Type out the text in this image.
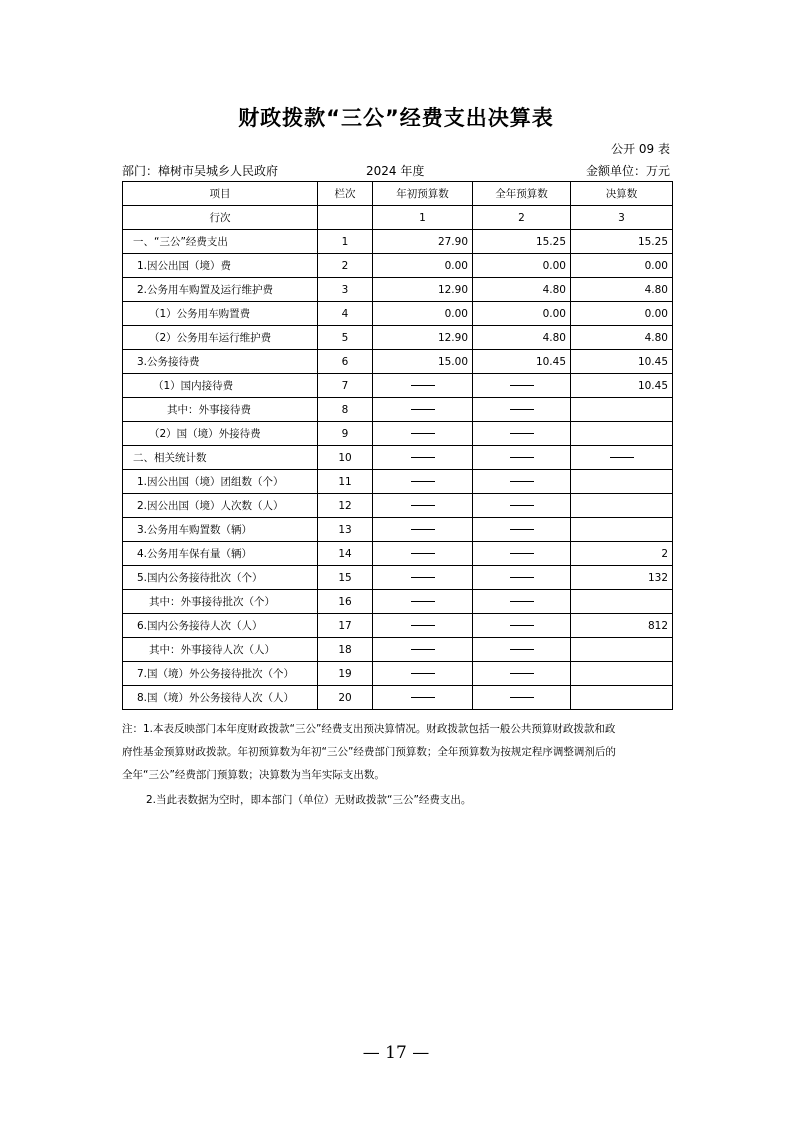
财政拨款“三公”经费支出决算表
公开 09 表
部门：樟树市吴城乡人民政府	2024 年度	金额单位：万元
项目	栏次	年初预算数	全年预算数	决算数
行次		1	2	3
一、“三公”经费支出	1	27.90	15.25	15.25
1.因公出国（境）费	2	0.00	0.00	0.00
2.公务用车购置及运行维护费	3	12.90	4.80	4.80
（1）公务用车购置费	4	0.00	0.00	0.00
（2）公务用车运行维护费	5	12.90	4.80	4.80
3.公务接待费	6	15.00	10.45	10.45
（1）国内接待费	7			10.45
其中：外事接待费	8	

（2）国（境）外接待费	9	

二、相关统计数	10	

1.因公出国（境）团组数（个）	11	

2.因公出国（境）人次数（人）	12	

3.公务用车购置数（辆）	13	

4.公务用车保有量（辆）	14			2
5.国内公务接待批次（个）	15			132
其中：外事接待批次（个）	16	

6.国内公务接待人次（人）	17			812
其中：外事接待人次（人）	18	

7.国（境）外公务接待批次（个）	19	

8.国（境）外公务接待人次（人）	20	

注：1.本表反映部门本年度财政拨款“三公”经费支出预决算情况。财政拨款包括一般公共预算财政拨款和政

府性基金预算财政拨款。年初预算数为年初“三公”经费部门预算数；全年预算数为按规定程序调整调剂后的

全年“三公”经费部门预算数；决算数为当年实际支出数。

2.当此表数据为空时，即本部门（单位）无财政拨款“三公”经费支出。
— 17 —
